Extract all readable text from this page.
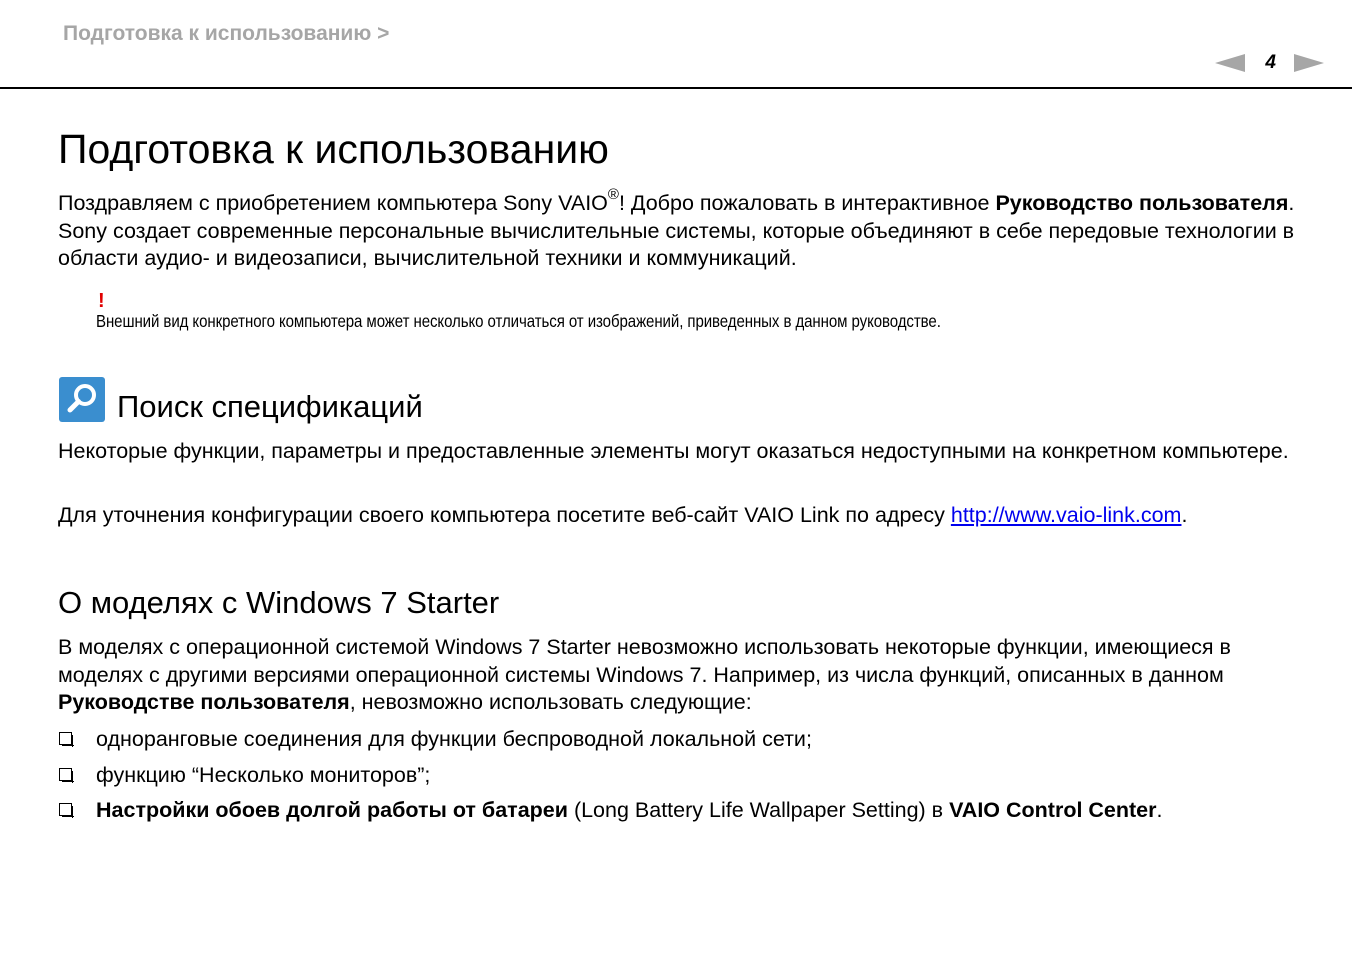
Подготовка к использованию >
4
Подготовка к использованию
Поздравляем с приобретением компьютера Sony VAIO®! Добро пожаловать в интерактивное Руководство пользователя. Sony создает современные персональные вычислительные системы, которые объединяют в себе передовые технологии в области аудио- и видеозаписи, вычислительной техники и коммуникаций.
!
Внешний вид конкретного компьютера может несколько отличаться от изображений, приведенных в данном руководстве.
Поиск спецификаций
Некоторые функции, параметры и предоставленные элементы могут оказаться недоступными на конкретном компьютере.
Для уточнения конфигурации своего компьютера посетите веб-сайт VAIO Link по адресу http://www.vaio-link.com.
О моделях с Windows 7 Starter
В моделях с операционной системой Windows 7 Starter невозможно использовать некоторые функции, имеющиеся в моделях с другими версиями операционной системы Windows 7. Например, из числа функций, описанных в данном Руководстве пользователя, невозможно использовать следующие:
одноранговые соединения для функции беспроводной локальной сети;
функцию “Несколько мониторов”;
Настройки обоев долгой работы от батареи (Long Battery Life Wallpaper Setting) в VAIO Control Center.
